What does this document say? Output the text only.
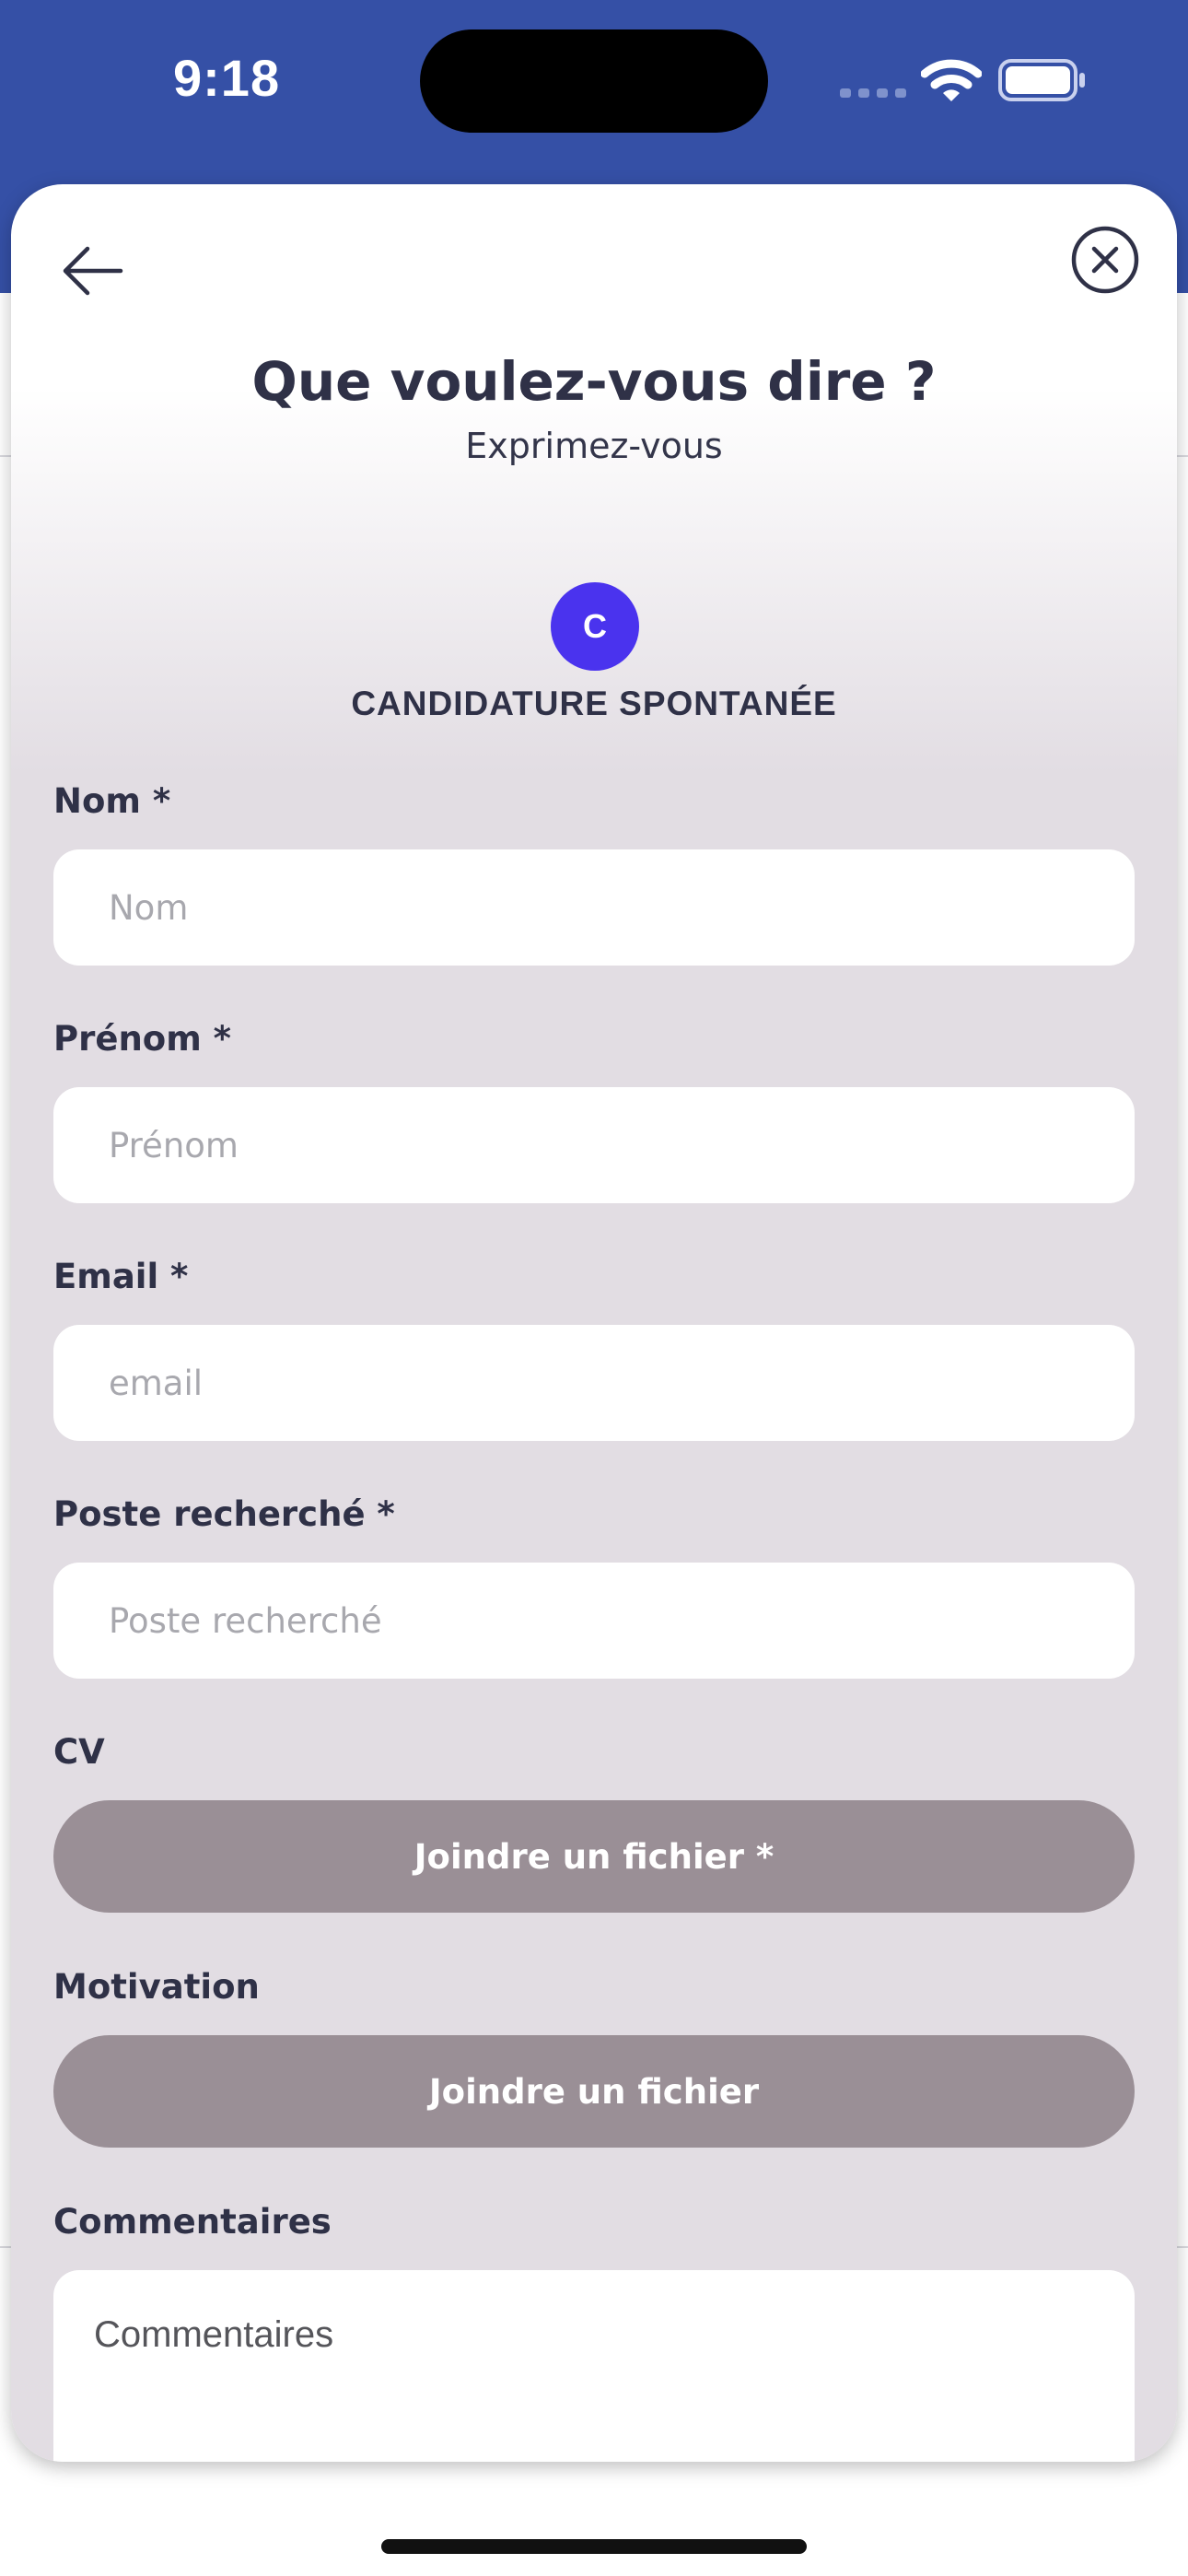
9:18
Que voulez-vous dire ?
Exprimez-vous
C
CANDIDATURE SPONTANÉE
Nom *
Nom
Prénom *
Prénom
Email *
email
Poste recherché *
Poste recherché
CV
Joindre un fichier *
Motivation
Joindre un fichier
Commentaires
Commentaires
